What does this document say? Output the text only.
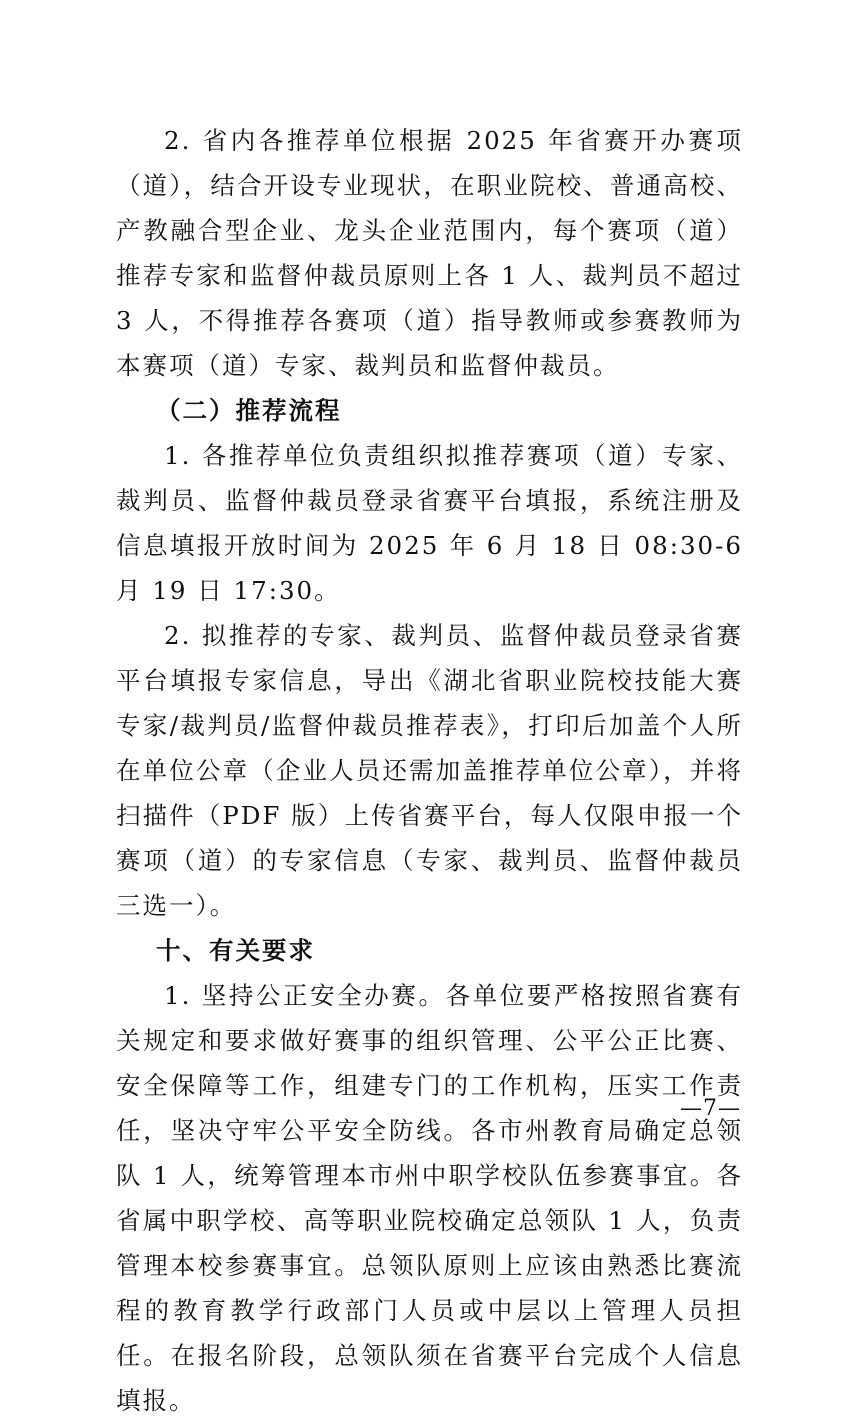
2. 省内各推荐单位根据 2025 年省赛开办赛项（道），结合开设专业现状，在职业院校、普通高校、产教融合型企业、龙头企业范围内，每个赛项（道）推荐专家和监督仲裁员原则上各 1 人、裁判员不超过 3 人，不得推荐各赛项（道）指导教师或参赛教师为本赛项（道）专家、裁判员和监督仲裁员。

（二）推荐流程

1. 各推荐单位负责组织拟推荐赛项（道）专家、裁判员、监督仲裁员登录省赛平台填报，系统注册及信息填报开放时间为 2025 年 6 月 18 日 08:30-6 月 19 日 17:30。

2. 拟推荐的专家、裁判员、监督仲裁员登录省赛平台填报专家信息，导出《湖北省职业院校技能大赛专家/裁判员/监督仲裁员推荐表》，打印后加盖个人所在单位公章（企业人员还需加盖推荐单位公章），并将扫描件（PDF 版）上传省赛平台，每人仅限申报一个赛项（道）的专家信息（专家、裁判员、监督仲裁员三选一）。

十、有关要求

1. 坚持公正安全办赛。各单位要严格按照省赛有关规定和要求做好赛事的组织管理、公平公正比赛、安全保障等工作，组建专门的工作机构，压实工作责任，坚决守牢公平安全防线。各市州教育局确定总领队 1 人，统筹管理本市州中职学校队伍参赛事宜。各省属中职学校、高等职业院校确定总领队 1 人，负责管理本校参赛事宜。总领队原则上应该由熟悉比赛流程的教育教学行政部门人员或中层以上管理人员担任。在报名阶段，总领队须在省赛平台完成个人信息填报。

—7—
